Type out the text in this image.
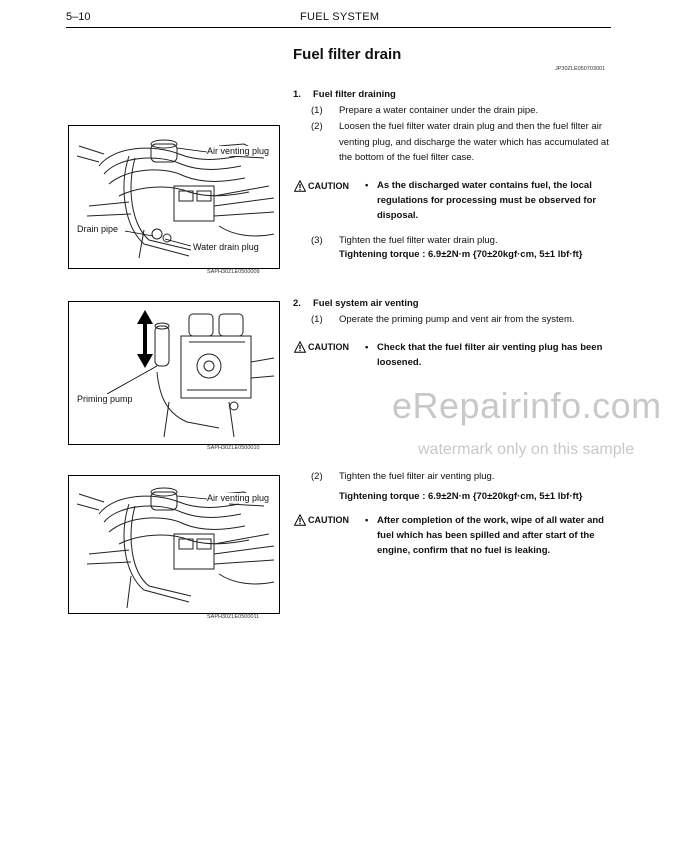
5–10	FUEL SYSTEM
Fuel filter drain
JP30ZLE050703001
1. Fuel filter draining
(1) Prepare a water container under the drain pipe.
(2) Loosen the fuel filter water drain plug and then the fuel filter air venting plug, and discharge the water which has accumulated at the bottom of the fuel filter case.
CAUTION • As the discharged water contains fuel, the local regulations for processing must be observed for disposal.
(3) Tighten the fuel filter water drain plug.
Tightening torque : 6.9±2N·m {70±20kgf·cm, 5±1 lbf·ft}
2. Fuel system air venting
(1) Operate the priming pump and vent air from the system.
CAUTION • Check that the fuel filter air venting plug has been loosened.
(2) Tighten the fuel filter air venting plug.
Tightening torque : 6.9±2N·m {70±20kgf·cm, 5±1 lbf·ft}
CAUTION • After completion of the work, wipe of all water and fuel which has been spilled and after start of the engine, confirm that no fuel is leaking.
Air venting plug
Drain pipe
Water drain plug
SAPH30ZLE0500009
Priming pump
SAPH30ZLE0500010
Air venting plug
SAPH30ZLE0500011
eRepairinfo.com
watermark only on this sample
